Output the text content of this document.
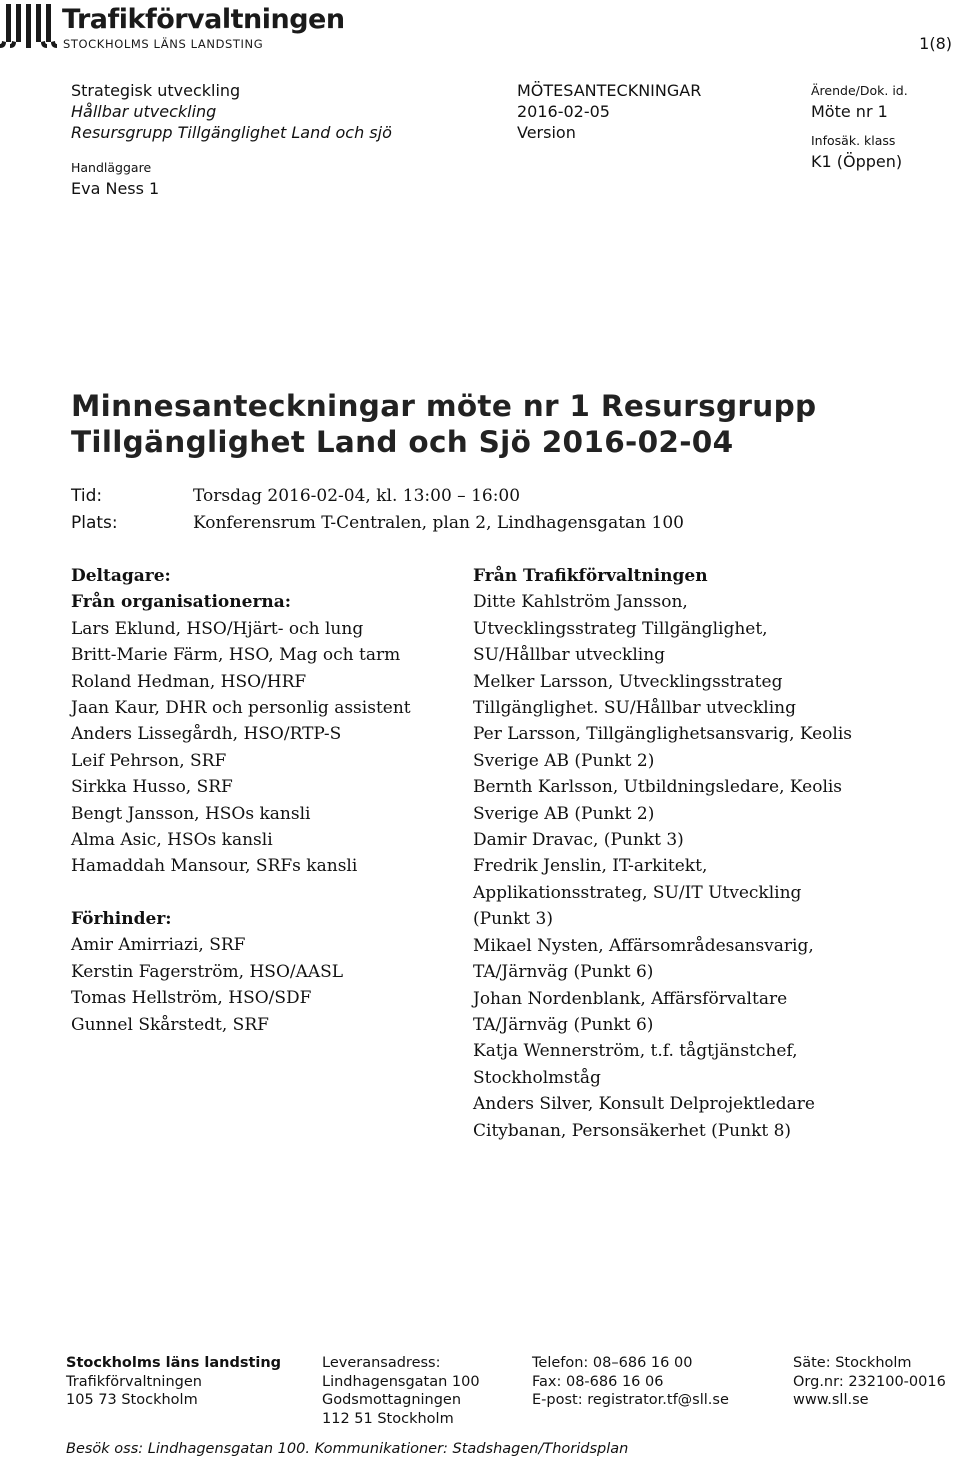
Trafikförvaltningen
STOCKHOLMS LÄNS LANDSTING	1(8)
Strategisk utveckling
Hållbar utveckling
Resursgrupp Tillgänglighet Land och sjö
Handläggare
Eva Ness 1
MÖTESANTECKNINGAR
2016-02-05
Version
Ärende/Dok. id.
Möte nr 1
Infosäk. klass
K1 (Öppen)
Minnesanteckningar möte nr 1 Resursgrupp
Tillgänglighet Land och Sjö 2016-02-04
Tid:	Torsdag 2016-02-04, kl. 13:00 – 16:00
Plats:	Konferensrum T-Centralen, plan 2, Lindhagensgatan 100
Deltagare:
Från organisationerna:
Lars Eklund, HSO/Hjärt- och lung
Britt-Marie Färm, HSO, Mag och tarm
Roland Hedman, HSO/HRF
Jaan Kaur, DHR och personlig assistent
Anders Lissegårdh, HSO/RTP-S
Leif Pehrson, SRF
Sirkka Husso, SRF
Bengt Jansson, HSOs kansli
Alma Asic, HSOs kansli
Hamaddah Mansour, SRFs kansli
Förhinder:
Amir Amirriazi, SRF
Kerstin Fagerström, HSO/AASL
Tomas Hellström, HSO/SDF
Gunnel Skårstedt, SRF
Från Trafikförvaltningen
Ditte Kahlström Jansson,
Utvecklingsstrateg Tillgänglighet,
SU/Hållbar utveckling
Melker Larsson, Utvecklingsstrateg
Tillgänglighet. SU/Hållbar utveckling
Per Larsson, Tillgänglighetsansvarig, Keolis
Sverige AB (Punkt 2)
Bernth Karlsson, Utbildningsledare, Keolis
Sverige AB (Punkt 2)
Damir Dravac, (Punkt 3)
Fredrik Jenslin, IT-arkitekt,
Applikationsstrateg, SU/IT Utveckling
(Punkt 3)
Mikael Nysten, Affärsområdesansvarig,
TA/Järnväg (Punkt 6)
Johan Nordenblank, Affärsförvaltare
TA/Järnväg (Punkt 6)
Katja Wennerström, t.f. tågtjänstchef,
Stockholmståg
Anders Silver, Konsult Delprojektledare
Citybanan, Personsäkerhet (Punkt 8)
Stockholms läns landsting
Trafikförvaltningen
105 73 Stockholm
Leveransadress:
Lindhagensgatan 100
Godsmottagningen
112 51 Stockholm
Telefon: 08–686 16 00
Fax: 08-686 16 06
E-post: registrator.tf@sll.se
Säte: Stockholm
Org.nr: 232100-0016
www.sll.se
Besök oss: Lindhagensgatan 100. Kommunikationer: Stadshagen/Thoridsplan
